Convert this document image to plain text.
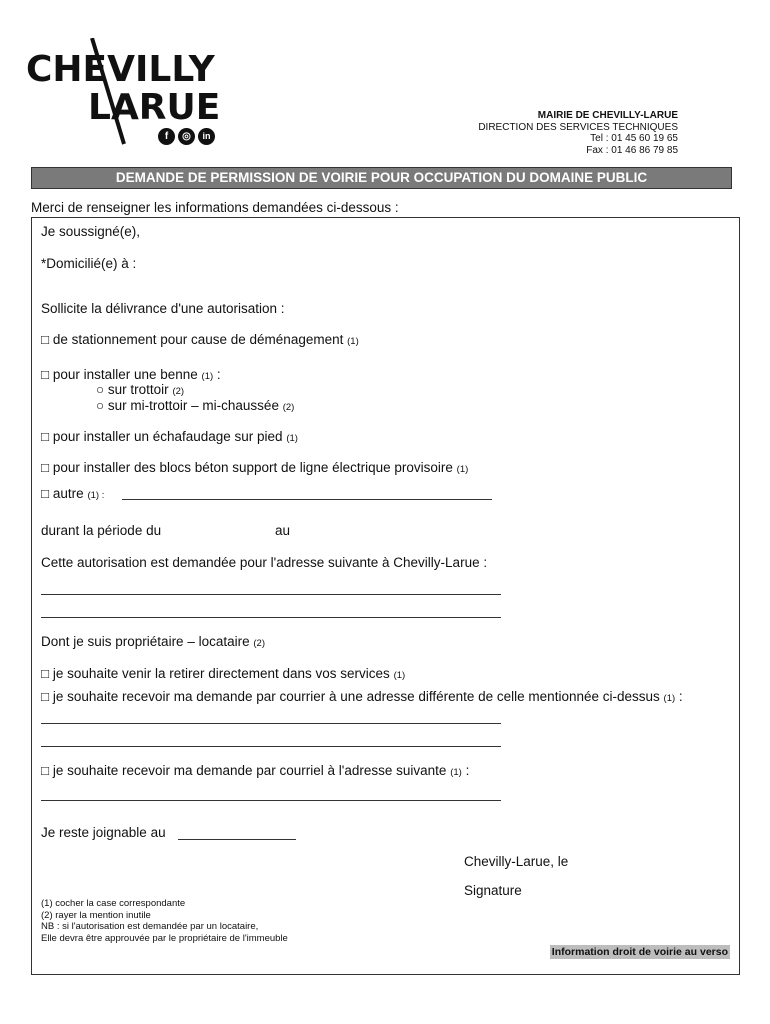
CHEVILLY
LARUE
f	◎	in
MAIRIE DE CHEVILLY-LARUE
DIRECTION DES SERVICES TECHNIQUES
Tel : 01 45 60 19 65
Fax : 01 46 86 79 85
DEMANDE DE PERMISSION DE VOIRIE POUR OCCUPATION DU DOMAINE PUBLIC
Merci de renseigner les informations demandées ci-dessous :
Je soussigné(e),
*Domicilié(e) à :
Sollicite la délivrance d'une autorisation :
□ de stationnement pour cause de déménagement (1)
□ pour installer une benne (1) :
○ sur trottoir (2)
○ sur mi-trottoir – mi-chaussée (2)
□ pour installer un échafaudage sur pied (1)
□ pour installer des blocs béton support de ligne électrique provisoire (1)
□ autre (1) :
durant la période du	au
Cette autorisation est demandée pour l'adresse suivante à Chevilly-Larue :
Dont je suis propriétaire – locataire (2)
□ je souhaite venir la retirer directement dans vos services (1)
□ je souhaite recevoir ma demande par courrier à une adresse différente de celle mentionnée ci-dessus (1) :
□ je souhaite recevoir ma demande par courriel à l'adresse suivante (1) :
Je reste joignable au
Chevilly-Larue, le
Signature
(1) cocher la case correspondante
(2) rayer la mention inutile
NB : si l'autorisation est demandée par un locataire,
Elle devra être approuvée par le propriétaire de l'immeuble
Information droit de voirie au verso
